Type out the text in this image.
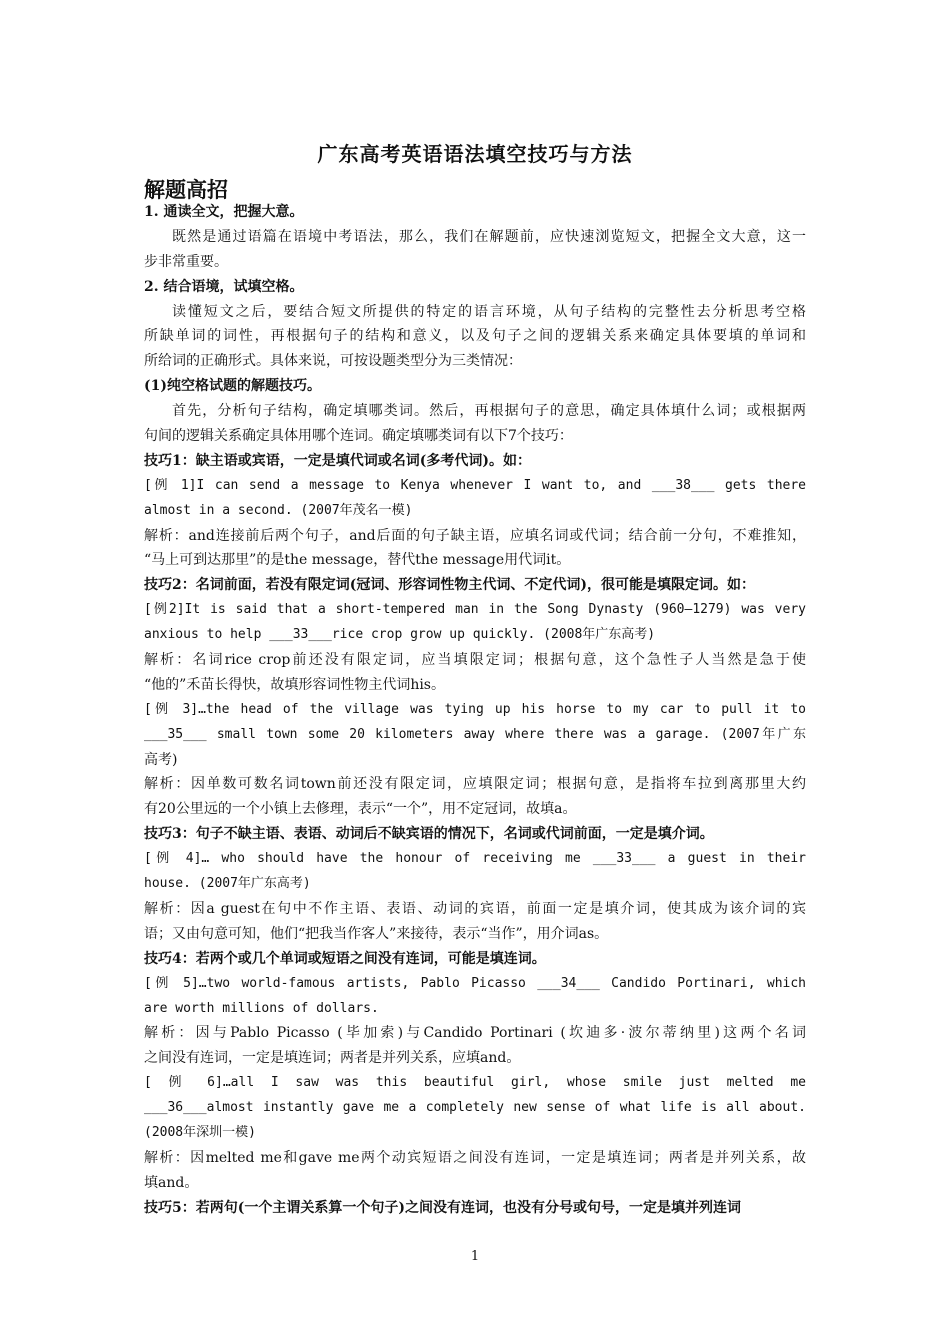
广东高考英语语法填空技巧与方法
解题高招
1. 通读全文，把握大意。
既然是通过语篇在语境中考语法，那么，我们在解题前，应快速浏览短文，把握全文大意，这一
步非常重要。
2. 结合语境，试填空格。
读懂短文之后，要结合短文所提供的特定的语言环境，从句子结构的完整性去分析思考空格
所缺单词的词性，再根据句子的结构和意义，以及句子之间的逻辑关系来确定具体要填的单词和
所给词的正确形式。具体来说，可按设题类型分为三类情况：
(1)纯空格试题的解题技巧。
首先，分析句子结构，确定填哪类词。然后，再根据句子的意思，确定具体填什么词；或根据两
句间的逻辑关系确定具体用哪个连词。确定填哪类词有以下7个技巧：
技巧1：缺主语或宾语，一定是填代词或名词(多考代词)。如：
[例 1]I can send a message to Kenya whenever I want to, and ___38___ gets there
almost in a second. (2007年茂名一模)
解析：and连接前后两个句子，and后面的句子缺主语，应填名词或代词；结合前一分句，不难推知，
“马上可到达那里”的是the message，替代the message用代词it。
技巧2：名词前面，若没有限定词(冠词、形容词性物主代词、不定代词)，很可能是填限定词。如：
[例2]It is said that a short-tempered man in the Song Dynasty (960—1279) was very
anxious to help ___33___rice crop grow up quickly. (2008年广东高考)
解析：名词rice crop前还没有限定词，应当填限定词；根据句意，这个急性子人当然是急于使
“他的”禾苗长得快，故填形容词性物主代词his。
[例 3]…the head of the village was tying up his horse to my car to pull it to
___35___ small town some 20 kilometers away where there was a garage. (2007年广东
高考)
解析：因单数可数名词town前还没有限定词，应填限定词；根据句意，是指将车拉到离那里大约
有20公里远的一个小镇上去修理，表示“一个”，用不定冠词，故填a。
技巧3：句子不缺主语、表语、动词后不缺宾语的情况下，名词或代词前面，一定是填介词。
[例 4]… who should have the honour of receiving me ___33___ a guest in their
house. (2007年广东高考)
解析：因a guest在句中不作主语、表语、动词的宾语，前面一定是填介词，使其成为该介词的宾
语；又由句意可知，他们“把我当作客人”来接待，表示“当作”，用介词as。
技巧4：若两个或几个单词或短语之间没有连词，可能是填连词。
[例 5]…two world-famous artists, Pablo Picasso ___34___ Candido Portinari, which
are worth millions of dollars.
解析：因与Pablo Picasso (毕加索)与Candido Portinari (坎迪多·波尔蒂纳里)这两个名词
之间没有连词，一定是填连词；两者是并列关系，应填and。
[ 例 6]…all I saw was this beautiful girl, whose smile just melted me
___36___almost instantly gave me a completely new sense of what life is all about.
(2008年深圳一模)
解析：因melted me和gave me两个动宾短语之间没有连词，一定是填连词；两者是并列关系，故
填and。
技巧5：若两句(一个主谓关系算一个句子)之间没有连词，也没有分号或句号，一定是填并列连词
1
